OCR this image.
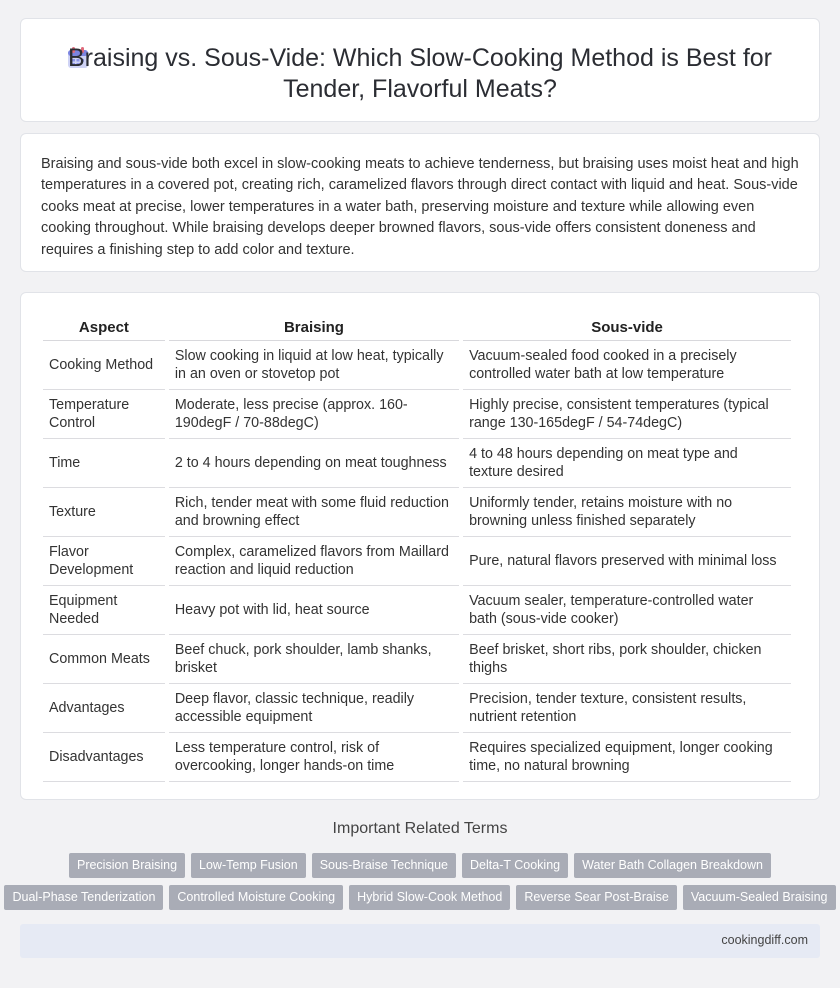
Braising vs. Sous-Vide: Which Slow-Cooking Method is Best for
Tender, Flavorful Meats?

Braising and sous-vide both excel in slow-cooking meats to achieve tenderness, but braising uses moist heat and high temperatures in a covered pot, creating rich, caramelized flavors through direct contact with liquid and heat. Sous-vide cooks meat at precise, lower temperatures in a water bath, preserving moisture and texture while allowing even cooking throughout. While braising develops deeper browned flavors, sous-vide offers consistent doneness and requires a finishing step to add color and texture.

Aspect	Braising	Sous-vide
Cooking Method	Slow cooking in liquid at low heat, typically in an oven or stovetop pot	Vacuum-sealed food cooked in a precisely controlled water bath at low temperature
Temperature Control	Moderate, less precise (approx. 160-190degF / 70-88degC)	Highly precise, consistent temperatures (typical range 130-165degF / 54-74degC)
Time	2 to 4 hours depending on meat toughness	4 to 48 hours depending on meat type and texture desired
Texture	Rich, tender meat with some fluid reduction and browning effect	Uniformly tender, retains moisture with no browning unless finished separately
Flavor Development	Complex, caramelized flavors from Maillard reaction and liquid reduction	Pure, natural flavors preserved with minimal loss
Equipment Needed	Heavy pot with lid, heat source	Vacuum sealer, temperature-controlled water bath (sous-vide cooker)
Common Meats	Beef chuck, pork shoulder, lamb shanks, brisket	Beef brisket, short ribs, pork shoulder, chicken thighs
Advantages	Deep flavor, classic technique, readily accessible equipment	Precision, tender texture, consistent results, nutrient retention
Disadvantages	Less temperature control, risk of overcooking, longer hands-on time	Requires specialized equipment, longer cooking time, no natural browning
Important Related Terms
Precision Braising Low-Temp Fusion Sous-Braise Technique Delta-T Cooking Water Bath Collagen Breakdown
Dual-Phase Tenderization Controlled Moisture Cooking Hybrid Slow-Cook Method Reverse Sear Post-Braise Vacuum-Sealed Braising
cookingdiff.com
